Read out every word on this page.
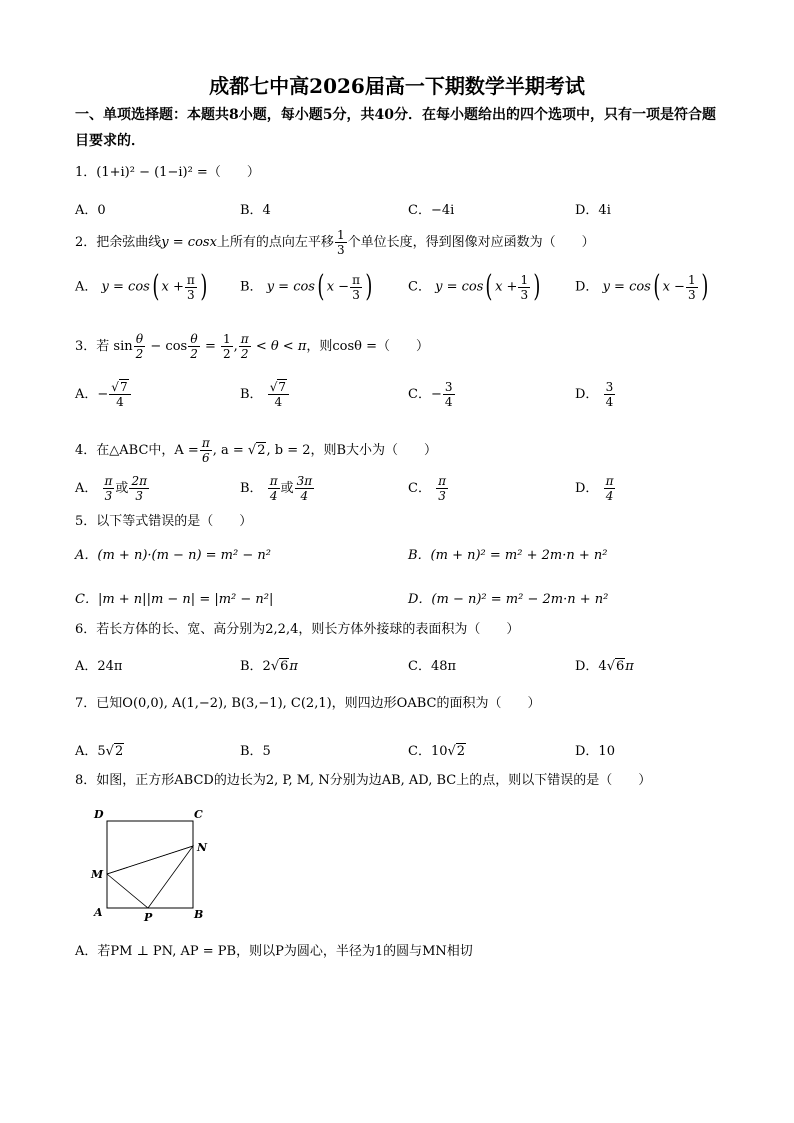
成都七中高2026届高一下期数学半期考试
一、单项选择题：本题共8小题，每小题5分，共40分．在每小题给出的四个选项中，只有一项是符合题目要求的．
1．(1+i)² − (1−i)² =（　　）
A．0	B．4	C．−4i	D．4i
2．把余弦曲线y = cosx上所有的点向左平移 $\frac{1}{3}$ 个单位长度，得到图像对应函数为（　　）
A． y = cos( $x + \frac{\pi}{3}$ )	B． y = cos( $x - \frac{\pi}{3}$ )	C． y = cos( $x + \frac{1}{3}$ )	D． y = cos( $x - \frac{1}{3}$ )
3．若 $\sin \frac{\theta}{2} - \cos \frac{\theta}{2} = \frac{1}{2}$ , $\frac{\pi}{2} < \theta < \pi$，则cosθ =（　　）
A．− $\frac{√7}{4}$	B． $\frac{√7}{4}$	C．− $\frac{3}{4}$	D． $\frac{3}{4}$
4．在△ABC中，$A = \frac{\pi}{6}$ , a = √2, b = 2，则B大小为（　　）
A． $\frac{\pi}{3}$ 或 $\frac{2\pi}{3}$	B． $\frac{\pi}{4}$ 或 $\frac{3\pi}{4}$	C． $\frac{\pi}{3}$	D． $\frac{\pi}{4}$
5．以下等式错误的是（　　）
A．(m + n)·(m − n) = m² − n²	B．(m + n)² = m² + 2m·n + n²
C．|m + n||m − n| = |m² − n²|	D．(m − n)² = m² − 2m·n + n²
6．若长方体的长、宽、高分别为2,2,4，则长方体外接球的表面积为（　　）
A．24π	B．2√6π	C．48π	D．4√6π
7．已知O(0,0), A(1,−2), B(3,−1), C(2,1)，则四边形OABC的面积为（　　）
A．5√2	B．5	C．10√2	D．10
8．如图，正方形ABCD的边长为2, P, M, N分别为边AB, AD, BC上的点，则以下错误的是（　　）
D	C
N
M
A	P	B
A．若PM ⊥ PN, AP = PB，则以P为圆心，半径为1的圆与MN相切
